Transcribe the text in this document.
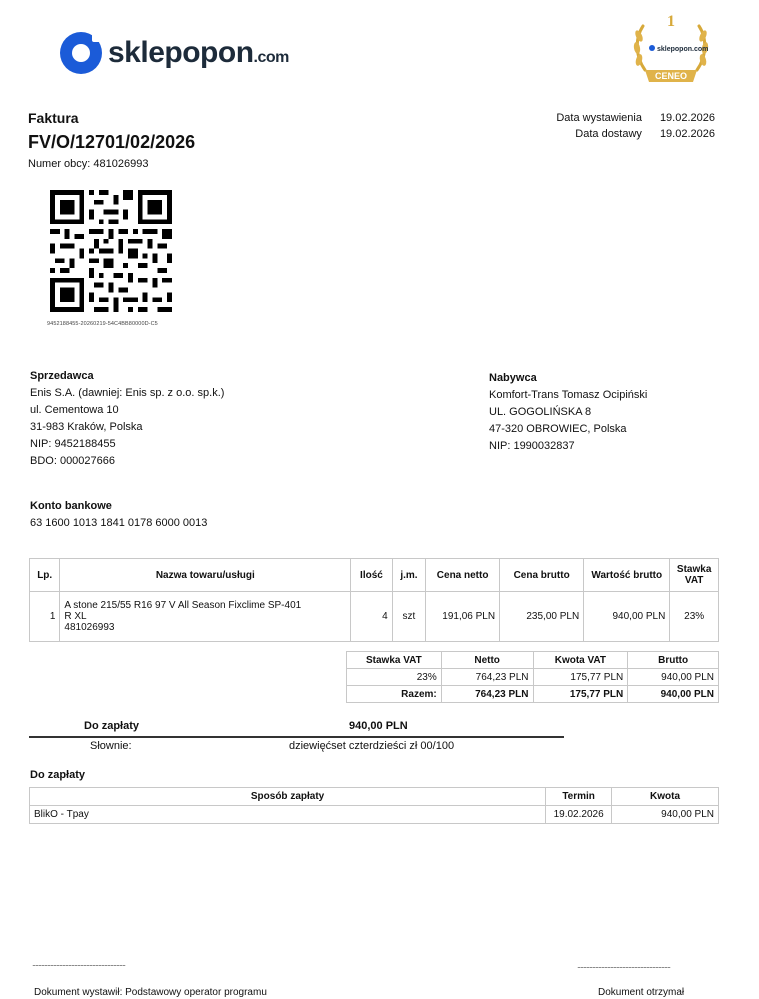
sklepopon.com
1
sklepopon.com
CENEO
Faktura
FV/O/12701/02/2026
Numer obcy: 481026993
Data wystawienia	19.02.2026
Data dostawy	19.02.2026
9452188455-20260219-54C4BB80000D-C5
Sprzedawca
Enis S.A. (dawniej: Enis sp. z o.o. sp.k.)
ul. Cementowa 10
31-983 Kraków, Polska
NIP: 9452188455
BDO: 000027666
Nabywca
Komfort-Trans Tomasz Ocipiński
UL. GOGOLIŃSKA 8
47-320 OBROWIEC, Polska
NIP: 1990032837
Konto bankowe
63 1600 1013 1841 0178 6000 0013
Lp.	Nazwa towaru/usługi	Ilość	j.m.	Cena netto	Cena brutto	Wartość brutto	Stawka VAT
1	A stone 215/55 R16 97 V All Season Fixclime SP-401
R XL
481026993	4	szt	191,06 PLN	235,00 PLN	940,00 PLN	23%
Stawka VAT	Netto	Kwota VAT	Brutto
23%	764,23 PLN	175,77 PLN	940,00 PLN
Razem:	764,23 PLN	175,77 PLN	940,00 PLN
Do zapłaty	940,00 PLN
Słownie:	dziewięćset czterdzieści zł 00/100
Do zapłaty
Sposób zapłaty	Termin	Kwota
BlikO - Tpay	19.02.2026	940,00 PLN
..............................................................	..............................................................
Dokument wystawił: Podstawowy operator programu	Dokument otrzymał
